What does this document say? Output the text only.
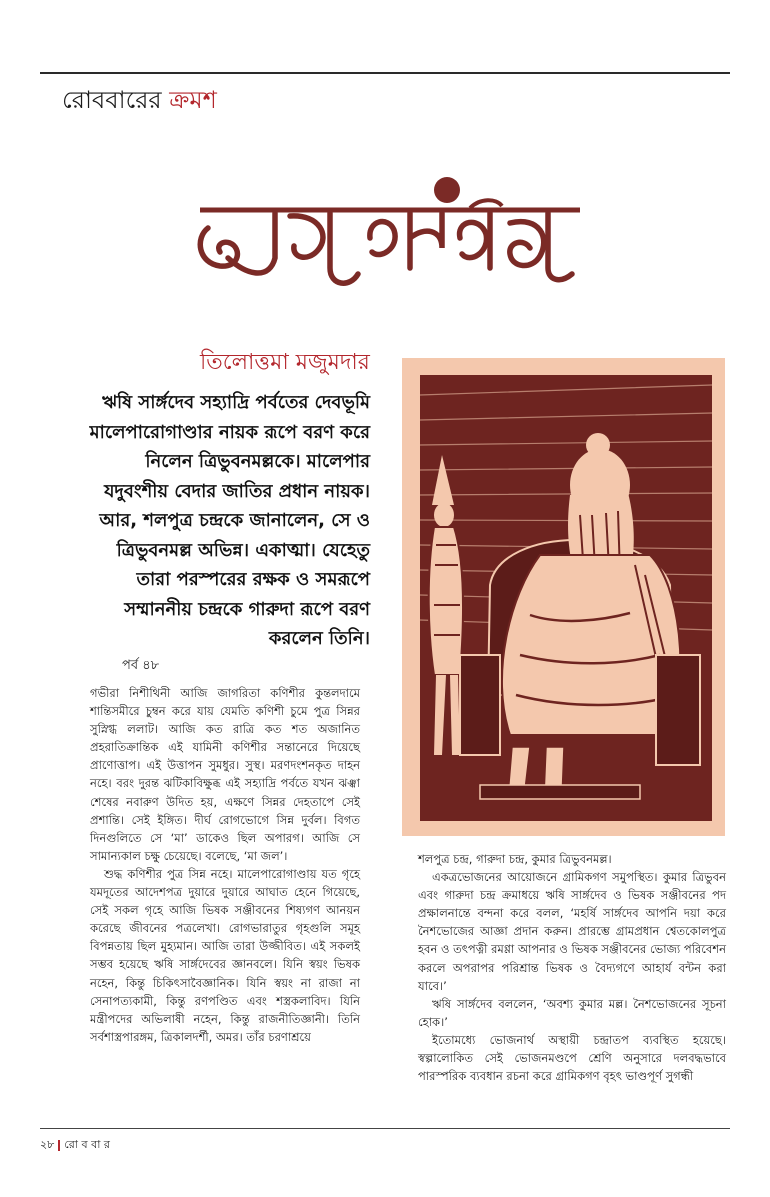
রোববারের ক্রমশ
তিলোত্তমা মজুমদার
ঋষি সার্ঙ্গদেব সহ্যাদ্রি পর্বতের দেবভূমি মালেপারোগাণ্ডার নায়ক রূপে বরণ করে নিলেন ত্রিভুবনমল্লকে। মালেপার যদুবংশীয় বেদার জাতির প্রধান নায়ক। আর, শলপুত্র চন্দ্রকে জানালেন, সে ও ত্রিভুবনমল্ল অভিন্ন। একাত্মা। যেহেতু তারা পরস্পরের রক্ষক ও সমরূপে সম্মাননীয় চন্দ্রকে গারুদা রূপে বরণ করলেন তিনি।
পর্ব ৪৮

গভীরা নিশীথিনী আজি জাগরিতা কণিশীর কুন্তলদামে শান্তিসমীরে চুম্বন করে যায় যেমতি কণিশী চুমে পুত্র সিন্নর সুস্নিগ্ধ ললাট। আজি কত রাত্রি কত শত অজানিত প্রহরাতিক্রান্তিক এই যামিনী কণিশীর সন্তানেরে দিয়েছে প্রাণোত্তাপ। এই উত্তাপন সুমধুর। সুস্থ। মরণদংশনকৃত দাহন নহে। বরং দুরন্ত ঝটিকাবিক্ষুব্ধ এই সহ্যাদ্রি পর্বতে যখন ঝঞ্ঝা শেষের নবারুণ উদিত হয়, এক্ষণে সিন্নর দেহতাপে সেই প্রশান্তি। সেই ইঙ্গিত। দীর্ঘ রোগভোগে সিন্ন দুর্বল। বিগত দিনগুলিতে সে ‘মা’ ডাকেও ছিল অপারগ। আজি সে সামান্যকাল চক্ষু চেয়েছে। বলেছে, ‘মা জল’।

শুদ্ধ কণিশীর পুত্র সিন্ন নহে। মালেপারোগাণ্ডায় যত গৃহে যমদূতের আদেশপত্র দুয়ারে দুয়ারে আঘাত হেনে গিয়েছে, সেই সকল গৃহে আজি ভিষক সঞ্জীবনের শিষ্যগণ আনয়ন করেছে জীবনের পত্রলেখা। রোগভারাতুর গৃহগুলি সমূহ বিপন্নতায় ছিল মুহ্যমান। আজি তারা উজ্জীবিত। এই সকলই সম্ভব হয়েছে ঋষি সার্ঙ্গদেবের জ্ঞানবলে। যিনি স্বয়ং ভিষক নহেন, কিন্তু চিকিৎসাবৈজ্ঞানিক। যিনি স্বয়ং না রাজা না সেনাপত্যকামী, কিন্তু রণপণ্ডিত এবং শস্ত্রকলাবিদ। যিনি মন্ত্রীপদের অভিলাষী নহেন, কিন্তু রাজনীতিজ্ঞানী। তিনি সর্বশাস্ত্রপারঙ্গম, ত্রিকালদর্শী, অমর। তাঁর চরণাশ্রয়ে

শলপুত্র চন্দ্র, গারুদা চন্দ্র, কুমার ত্রিভুবনমল্ল।

একত্রভোজনের আয়োজনে গ্রামিকগণ সমুপস্থিত। কুমার ত্রিভুবন এবং গারুদা চন্দ্র ক্রমাধয়ে ঋষি সার্ঙ্গদেব ও ভিষক সঞ্জীবনের পদ প্রক্ষালনান্তে বন্দনা করে বলল, ‘মহর্ষি সার্ঙ্গদেব আপনি দয়া করে নৈশভোজের আজ্ঞা প্রদান করুন। প্রারম্ভে গ্রামপ্রধান শ্বেতকোলপুত্র হবন ও তৎপত্নী রমণ্ণা আপনার ও ভিষক সঞ্জীবনের ভোজ্য পরিবেশন করলে অপরাপর পরিশ্রান্ত ভিষক ও বৈদ্যগণে আহার্য বন্টন করা যাবে।’

ঋষি সার্ঙ্গদেব বললেন, ‘অবশ্য কুমার মল্ল। নৈশভোজনের সূচনা হোক।’

ইতোমধ্যে ভোজনার্থ অস্থায়ী চন্দ্রাতপ ব্যবস্থিত হয়েছে। স্বল্পালোকিত সেই ভোজনমণ্ডপে শ্রেণি অনুসারে দলবদ্ধভাবে পারস্পরিক ব্যবধান রচনা করে গ্রামিকগণ বৃহৎ ভাণ্ডপূর্ণ সুগন্ধী

২৮ রো ব বা র
